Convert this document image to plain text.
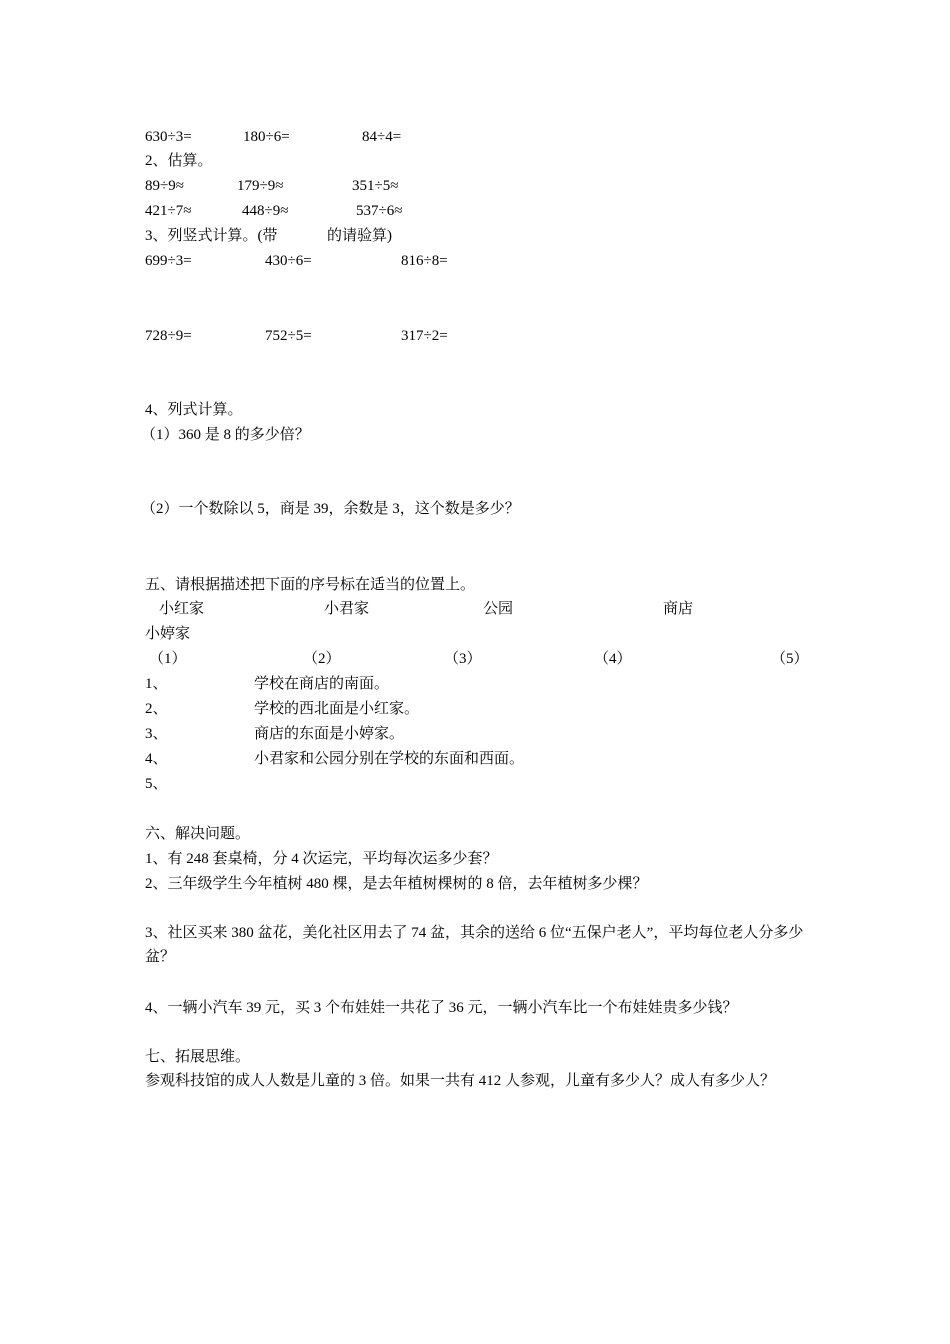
630÷3=	180÷6=	84÷4=
2、估算。
89÷9≈	179÷9≈	351÷5≈
421÷7≈	448÷9≈	537÷6≈
3、列竖式计算。(带	的请验算)
699÷3=	430÷6=	816÷8=
728÷9=	752÷5=	317÷2=
4、列式计算。
（1）360 是 8 的多少倍？
（2）一个数除以 5，商是 39，余数是 3，这个数是多少？
五、请根据描述把下面的序号标在适当的位置上。
小红家	小君家	公园	商店
小婷家
（1）	（2）	（3）	（4）	（5）
1、	学校在商店的南面。
2、	学校的西北面是小红家。
3、	商店的东面是小婷家。
4、	小君家和公园分别在学校的东面和西面。
5、
六、解决问题。
1、有 248 套桌椅，分 4 次运完，平均每次运多少套？
2、三年级学生今年植树 480 棵，是去年植树棵树的 8 倍，去年植树多少棵？
3、社区买来 380 盆花，美化社区用去了 74 盆，其余的送给 6 位“五保户老人”，平均每位老人分多少盆？
4、一辆小汽车 39 元，买 3 个布娃娃一共花了 36 元，一辆小汽车比一个布娃娃贵多少钱？
七、拓展思维。
参观科技馆的成人人数是儿童的 3 倍。如果一共有 412 人参观，儿童有多少人？成人有多少人？
